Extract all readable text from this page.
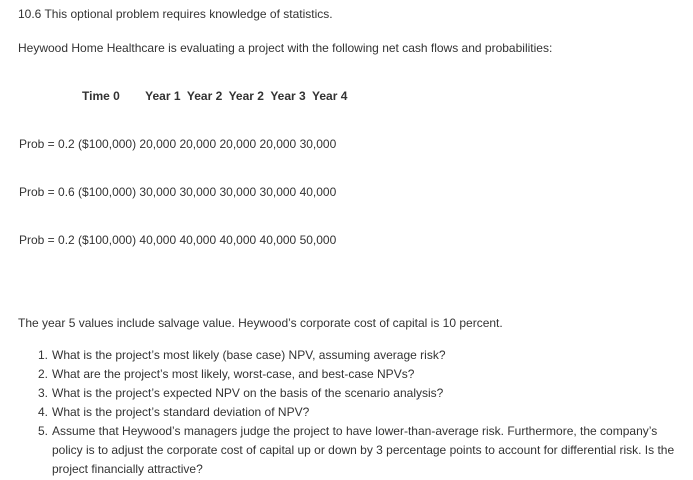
10.6 This optional problem requires knowledge of statistics.
Heywood Home Healthcare is evaluating a project with the following net cash flows and probabilities:
Time 0 Year 1 Year 2 Year 2 Year 3 Year 4
Prob = 0.2 ($100,000) 20,000 20,000 20,000 20,000 30,000
Prob = 0.6 ($100,000) 30,000 30,000 30,000 30,000 40,000
Prob = 0.2 ($100,000) 40,000 40,000 40,000 40,000 50,000
The year 5 values include salvage value. Heywood’s corporate cost of capital is 10 percent.
1. What is the project’s most likely (base case) NPV, assuming average risk?
2. What are the project’s most likely, worst-case, and best-case NPVs?
3. What is the project’s expected NPV on the basis of the scenario analysis?
4. What is the project’s standard deviation of NPV?
5. Assume that Heywood’s managers judge the project to have lower-than-average risk. Furthermore, the company’s policy is to adjust the corporate cost of capital up or down by 3 percentage points to account for differential risk. Is the project financially attractive?
